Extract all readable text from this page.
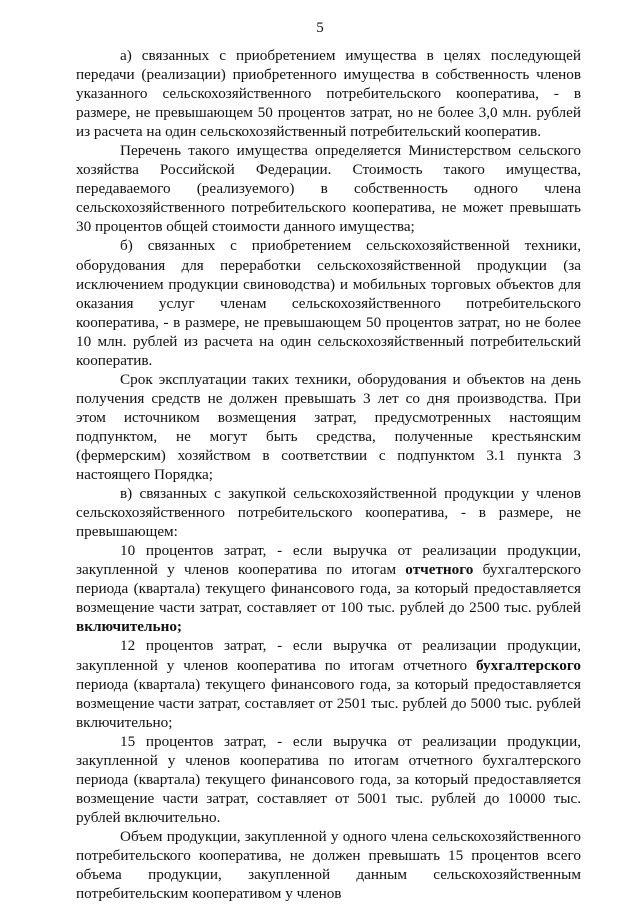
5

а) связанных с приобретением имущества в целях последующей передачи (реализации) приобретенного имущества в собственность членов указанного сельскохозяйственного потребительского кооператива, - в размере, не превышающем 50 процентов затрат, но не более 3,0 млн. рублей из расчета на один сельскохозяйственный потребительский кооператив.

Перечень такого имущества определяется Министерством сельского хозяйства Российской Федерации. Стоимость такого имущества, передаваемого (реализуемого) в собственность одного члена сельскохозяйственного потребительского кооператива, не может превышать 30 процентов общей стоимости данного имущества;

б) связанных с приобретением сельскохозяйственной техники, оборудования для переработки сельскохозяйственной продукции (за исключением продукции свиноводства) и мобильных торговых объектов для оказания услуг членам сельскохозяйственного потребительского кооператива, - в размере, не превышающем 50 процентов затрат, но не более 10 млн. рублей из расчета на один сельскохозяйственный потребительский кооператив.

Срок эксплуатации таких техники, оборудования и объектов на день получения средств не должен превышать 3 лет со дня производства. При этом источником возмещения затрат, предусмотренных настоящим подпунктом, не могут быть средства, полученные крестьянским (фермерским) хозяйством в соответствии с подпунктом 3.1 пункта 3 настоящего Порядка;

в) связанных с закупкой сельскохозяйственной продукции у членов сельскохозяйственного потребительского кооператива, - в размере, не превышающем:

10 процентов затрат, - если выручка от реализации продукции, закупленной у членов кооператива по итогам отчетного бухгалтерского периода (квартала) текущего финансового года, за который предоставляется возмещение части затрат, составляет от 100 тыс. рублей до 2500 тыс. рублей включительно;

12 процентов затрат, - если выручка от реализации продукции, закупленной у членов кооператива по итогам отчетного бухгалтерского периода (квартала) текущего финансового года, за который предоставляется возмещение части затрат, составляет от 2501 тыс. рублей до 5000 тыс. рублей включительно;

15 процентов затрат, - если выручка от реализации продукции, закупленной у членов кооператива по итогам отчетного бухгалтерского периода (квартала) текущего финансового года, за который предоставляется возмещение части затрат, составляет от 5001 тыс. рублей до 10000 тыс. рублей включительно.

Объем продукции, закупленной у одного члена сельскохозяйственного потребительского кооператива, не должен превышать 15 процентов всего объема продукции, закупленной данным сельскохозяйственным потребительским кооперативом у членов
